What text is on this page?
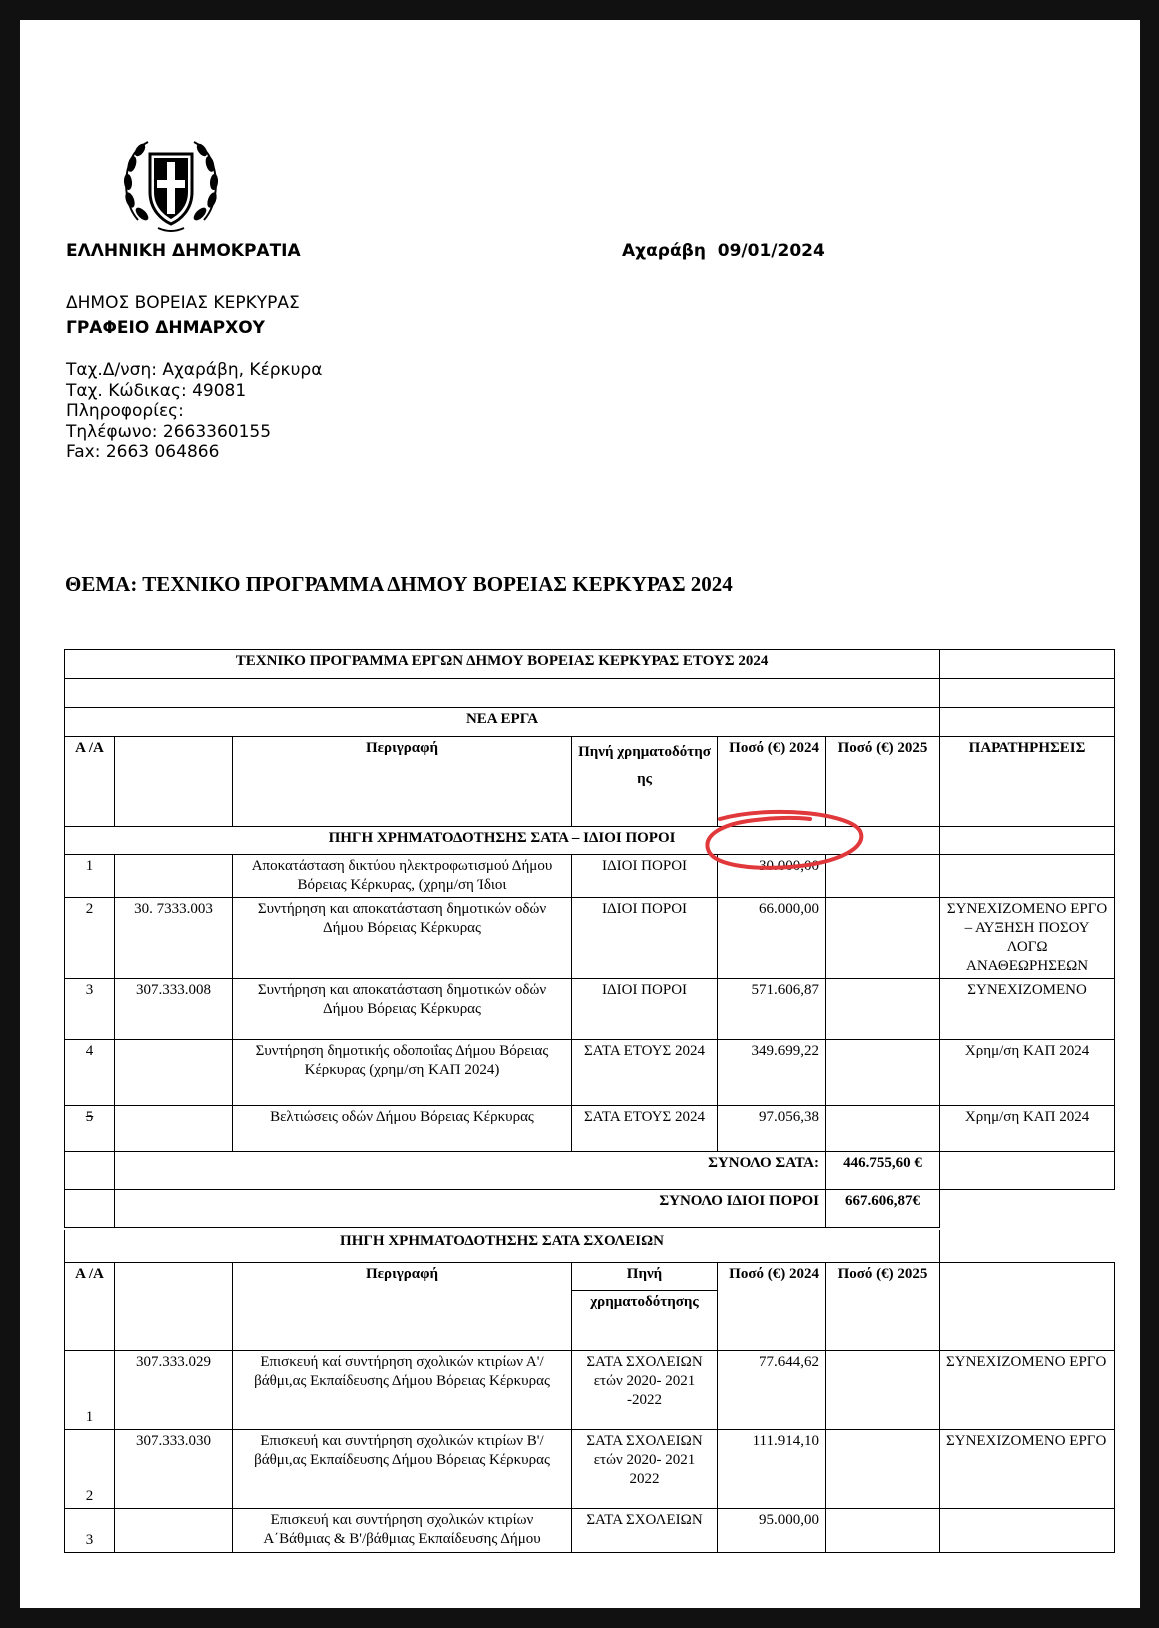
ΕΛΛΗΝΙΚΗ ΔΗΜΟΚΡΑΤΙΑ	Αχαράβη  09/01/2024
ΔΗΜΟΣ ΒΟΡΕΙΑΣ ΚΕΡΚΥΡΑΣ
ΓΡΑΦΕΙΟ ΔΗΜΑΡΧΟΥ
Ταχ.Δ/νση: Αχαράβη, Κέρκυρα
Ταχ. Κώδικας: 49081
Πληροφορίες:
Τηλέφωνο: 2663360155
Fax: 2663 064866
ΘΕΜΑ: ΤΕΧΝΙΚΟ ΠΡΟΓΡΑΜΜΑ ΔΗΜΟΥ ΒΟΡΕΙΑΣ ΚΕΡΚΥΡΑΣ 2024
ΤΕΧΝΙΚΟ ΠΡΟΓΡΑΜΜΑ ΕΡΓΩΝ ΔΗΜΟΥ ΒΟΡΕΙΑΣ ΚΕΡΚΥΡΑΣ ΕΤΟΥΣ 2024						

ΝΕΑ ΕΡΓΑ						
Α /Α		Περιγραφή	Πηνή χρηματοδότησ ης	Ποσό (€) 2024	Ποσό (€) 2025	ΠΑΡΑΤΗΡΗΣΕΙΣ
ΠΗΓΗ ΧΡΗΜΑΤΟΔΟΤΗΣΗΣ ΣΑΤΑ – ΙΔΙΟΙ ΠΟΡΟΙ						
1		Αποκατάσταση δικτύου ηλεκτροφωτισμού Δήμου Βόρειας Κέρκυρας, (χρημ/ση Ίδιοι	ΙΔΙΟΙ ΠΟΡΟΙ	30.000,00		
2	30. 7333.003	Συντήρηση και αποκατάσταση δημοτικών οδών Δήμου Βόρειας Κέρκυρας	ΙΔΙΟΙ ΠΟΡΟΙ	66.000,00		ΣΥΝΕΧΙΖΟΜΕΝΟ ΕΡΓΟ – ΑΥΞΗΣΗ ΠΟΣΟΥ ΛΟΓΩ ΑΝΑΘΕΩΡΗΣΕΩΝ
3	307.333.008	Συντήρηση και αποκατάσταση δημοτικών οδών Δήμου Βόρειας Κέρκυρας	ΙΔΙΟΙ ΠΟΡΟΙ	571.606,87		ΣΥΝΕΧΙΖΟΜΕΝΟ
4		Συντήρηση δημοτικής οδοποιΐας Δήμου Βόρειας Κέρκυρας (χρημ/ση ΚΑΠ 2024)	ΣΑΤΑ ΕΤΟΥΣ 2024	349.699,22		Χρημ/ση ΚΑΠ 2024
5		Βελτιώσεις οδών Δήμου Βόρειας Κέρκυρας	ΣΑΤΑ ΕΤΟΥΣ 2024	97.056,38		Χρημ/ση ΚΑΠ 2024
	ΣΥΝΟΛΟ ΣΑΤΑ:				446.755,60 €	
	ΣΥΝΟΛΟ ΙΔΙΟΙ ΠΟΡΟΙ				667.606,87€	
ΠΗΓΗ ΧΡΗΜΑΤΟΔΟΤΗΣΗΣ ΣΑΤΑ ΣΧΟΛΕΙΩΝ						
Α /Α		Περιγραφή	Πηνή	Ποσό (€) 2024	Ποσό (€) 2025	
			χρηματοδότησης			
1	307.333.029	Επισκευή καί συντήρηση σχολικών κτιρίων Α'/βάθμι,ας Εκπαίδευσης Δήμου Βόρειας Κέρκυρας	ΣΑΤΑ ΣΧΟΛΕΙΩΝ ετών 2020- 2021 -2022	77.644,62		ΣΥΝΕΧΙΖΟΜΕΝΟ ΕΡΓΟ
2	307.333.030	Επισκευή και συντήρηση σχολικών κτιρίων Β'/βάθμι,ας Εκπαίδευσης Δήμου Βόρειας Κέρκυρας	ΣΑΤΑ ΣΧΟΛΕΙΩΝ ετών 2020- 2021 2022	111.914,10		ΣΥΝΕΧΙΖΟΜΕΝΟ ΕΡΓΟ
3		Επισκευή και συντήρηση σχολικών κτιρίων Α΄Βάθμιας & Β'/βάθμιας Εκπαίδευσης Δήμου	ΣΑΤΑ ΣΧΟΛΕΙΩΝ	95.000,00		
